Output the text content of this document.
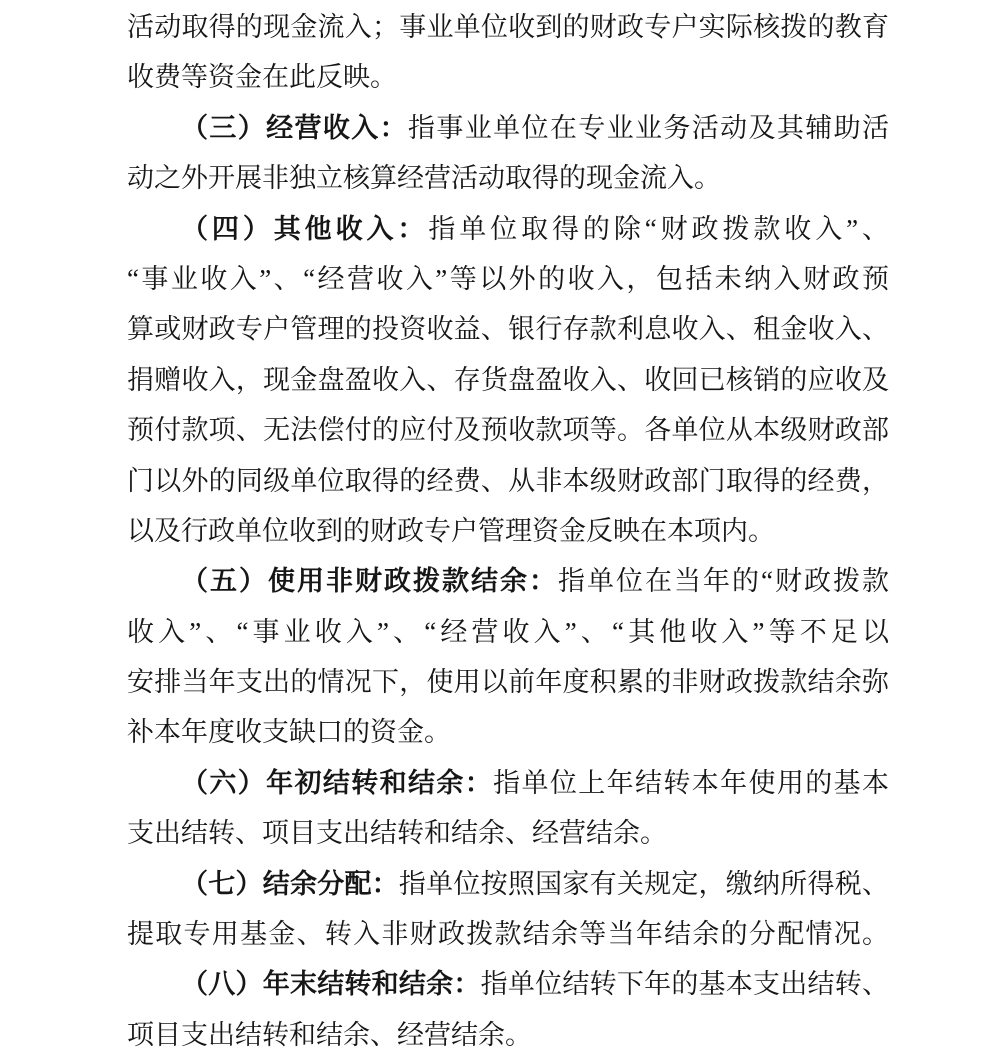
活动取得的现金流入；事业单位收到的财政专户实际核拨的教育
收费等资金在此反映。
（三）经营收入：指事业单位在专业业务活动及其辅助活
动之外开展非独立核算经营活动取得的现金流入。
（四）其他收入：指单位取得的除“财政拨款收入”、
“事业收入”、“经营收入”等以外的收入，包括未纳入财政预
算或财政专户管理的投资收益、银行存款利息收入、租金收入、
捐赠收入，现金盘盈收入、存货盘盈收入、收回已核销的应收及
预付款项、无法偿付的应付及预收款项等。各单位从本级财政部
门以外的同级单位取得的经费、从非本级财政部门取得的经费，
以及行政单位收到的财政专户管理资金反映在本项内。
（五）使用非财政拨款结余：指单位在当年的“财政拨款
收入”、“事业收入”、“经营收入”、“其他收入”等不足以
安排当年支出的情况下，使用以前年度积累的非财政拨款结余弥
补本年度收支缺口的资金。
（六）年初结转和结余：指单位上年结转本年使用的基本
支出结转、项目支出结转和结余、经营结余。
（七）结余分配：指单位按照国家有关规定，缴纳所得税、
提取专用基金、转入非财政拨款结余等当年结余的分配情况。
（八）年末结转和结余：指单位结转下年的基本支出结转、
项目支出结转和结余、经营结余。
